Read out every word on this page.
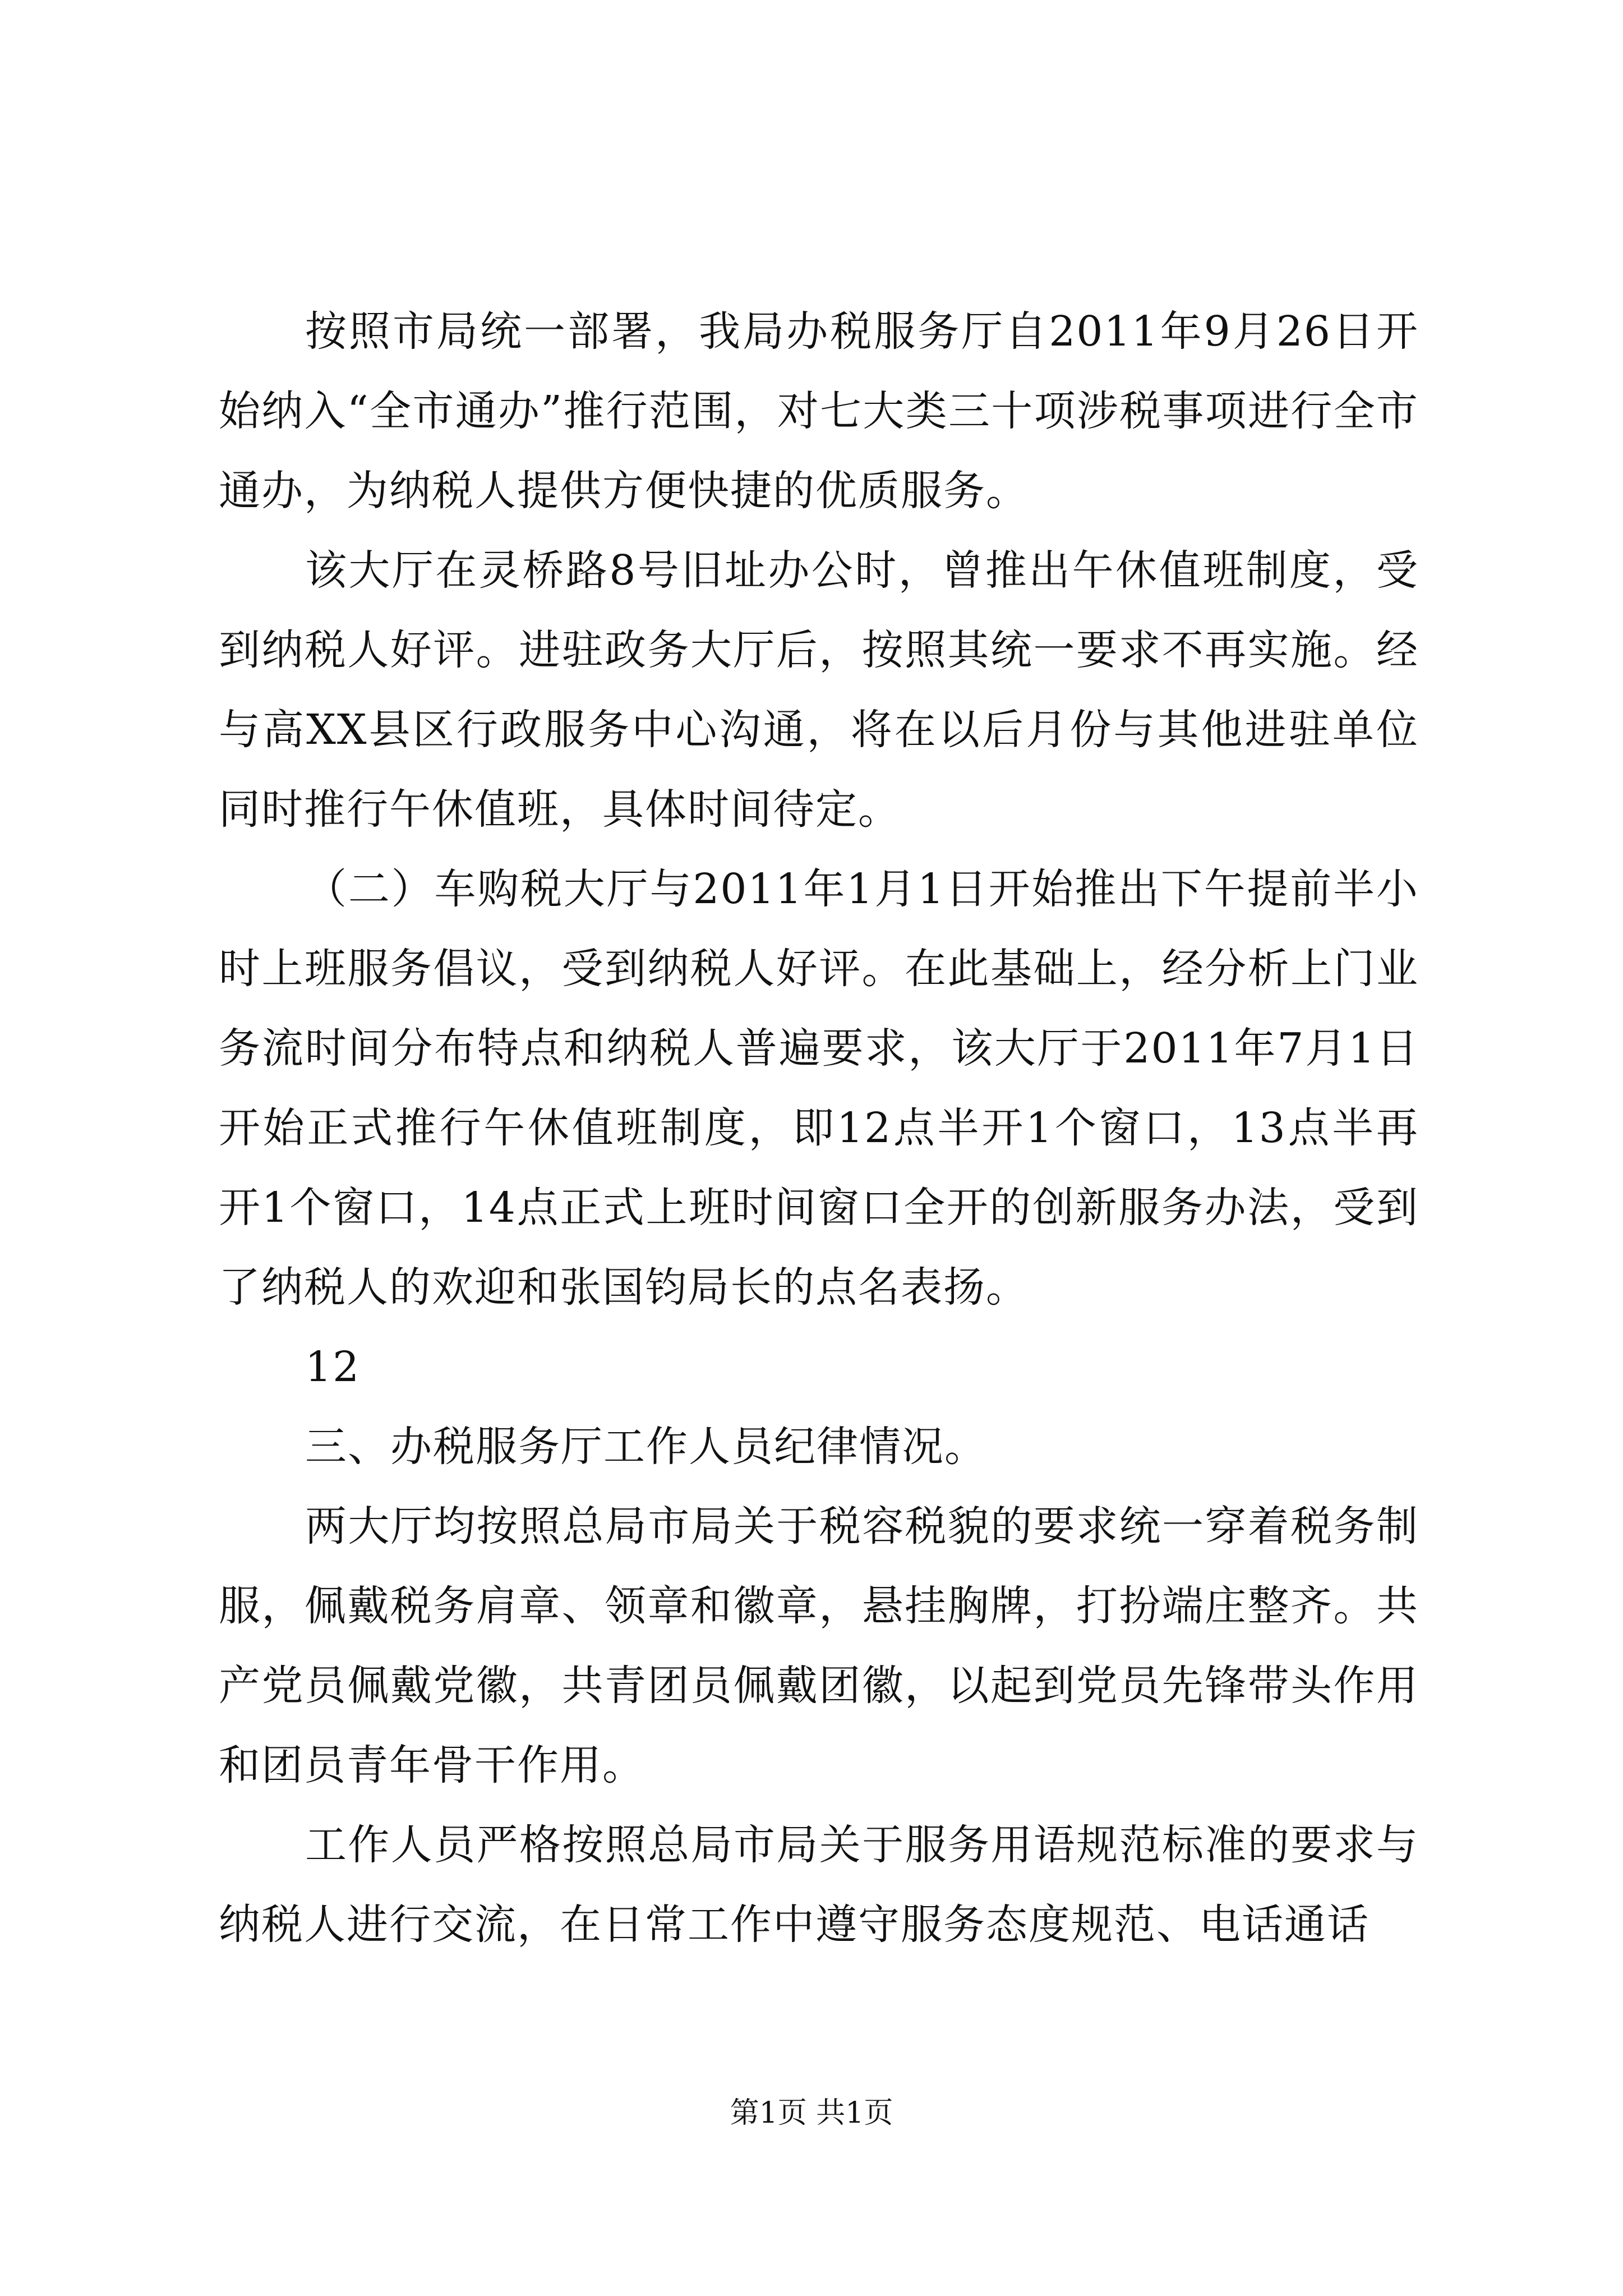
按照市局统一部署，我局办税服务厅自2011年9月26日开始纳入“全市通办”推行范围，对七大类三十项涉税事项进行全市通办，为纳税人提供方便快捷的优质服务。

该大厅在灵桥路8号旧址办公时，曾推出午休值班制度，受到纳税人好评。进驻政务大厅后，按照其统一要求不再实施。经与高XX县区行政服务中心沟通，将在以后月份与其他进驻单位同时推行午休值班，具体时间待定。

（二）车购税大厅与2011年1月1日开始推出下午提前半小时上班服务倡议，受到纳税人好评。在此基础上，经分析上门业务流时间分布特点和纳税人普遍要求，该大厅于2011年7月1日开始正式推行午休值班制度，即12点半开1个窗口，13点半再开1个窗口，14点正式上班时间窗口全开的创新服务办法，受到了纳税人的欢迎和张国钧局长的点名表扬。

12

三、办税服务厅工作人员纪律情况。

两大厅均按照总局市局关于税容税貌的要求统一穿着税务制服，佩戴税务肩章、领章和徽章，悬挂胸牌，打扮端庄整齐。共产党员佩戴党徽，共青团员佩戴团徽，以起到党员先锋带头作用和团员青年骨干作用。

工作人员严格按照总局市局关于服务用语规范标准的要求与纳税人进行交流，在日常工作中遵守服务态度规范、电话通话

第1页 共1页
